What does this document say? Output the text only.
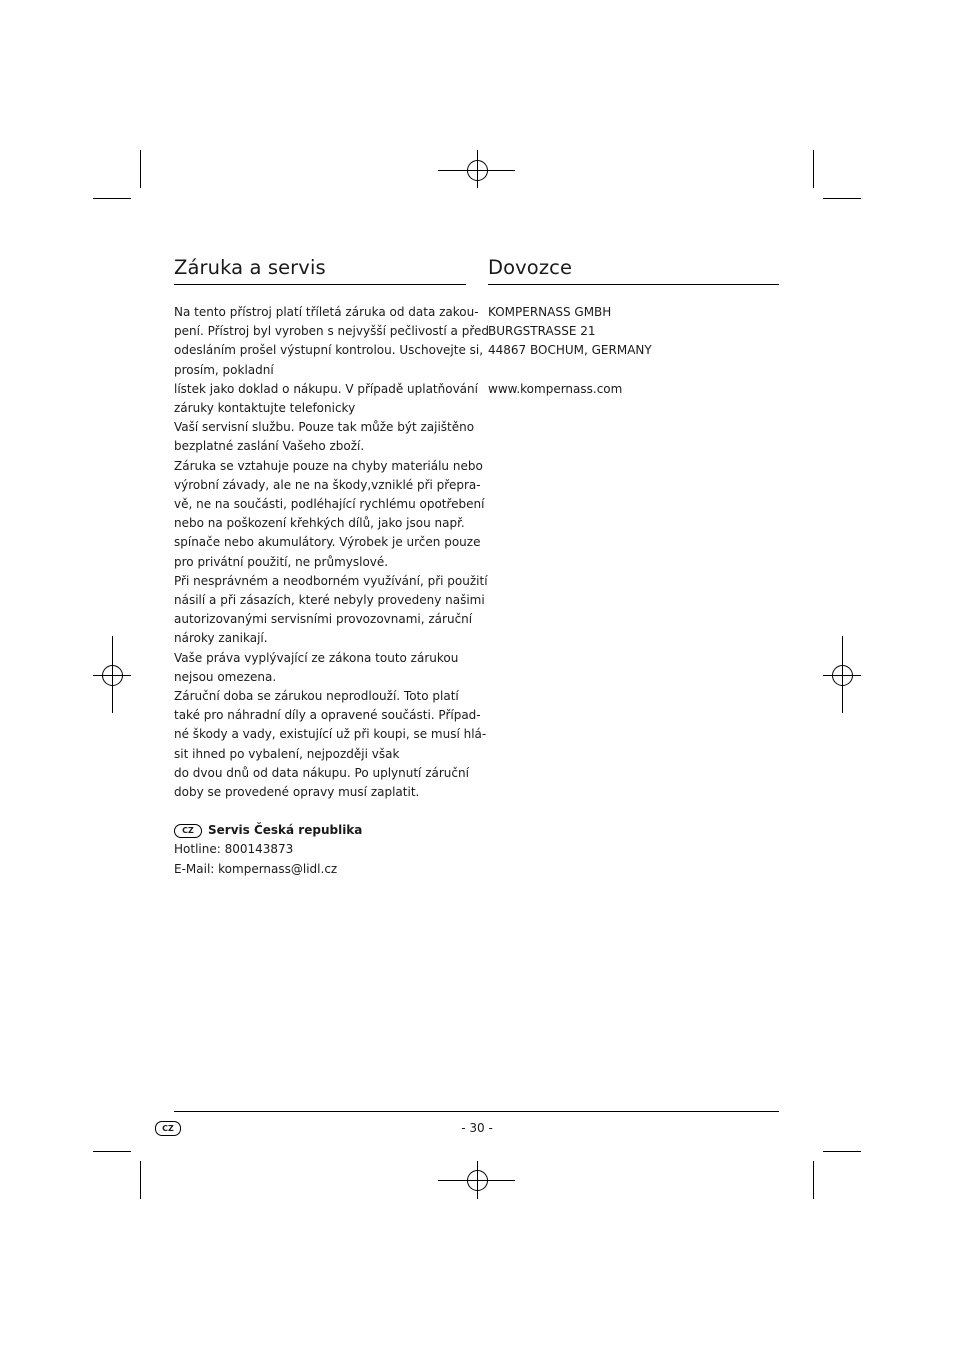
Záruka a servis
Na tento přístroj platí tříletá záruka od data zakou-
pení. Přístroj byl vyroben s nejvyšší pečlivostí a před
odesláním prošel výstupní kontrolou. Uschovejte si,
prosím, pokladní
lístek jako doklad o nákupu. V případě uplatňování
záruky kontaktujte telefonicky
Vaší servisní službu. Pouze tak může být zajištěno
bezplatné zaslání Vašeho zboží.
Záruka se vztahuje pouze na chyby materiálu nebo
výrobní závady, ale ne na škody,vzniklé při přepra-
vě, ne na součásti, podléhající rychlému opotřebení
nebo na poškození křehkých dílů, jako jsou např.
spínače nebo akumulátory. Výrobek je určen pouze
pro privátní použití, ne průmyslové.
Při nesprávném a neodborném využívání, při použití
násilí a při zásazích, které nebyly provedeny našimi
autorizovanými servisními provozovnami, záruční
nároky zanikají.
Vaše práva vyplývající ze zákona touto zárukou
nejsou omezena.
Záruční doba se zárukou neprodlouží. Toto platí
také pro náhradní díly a opravené součásti. Případ-
né škody a vady, existující už při koupi, se musí hlá-
sit ihned po vybalení, nejpozději však
do dvou dnů od data nákupu. Po uplynutí záruční
doby se provedené opravy musí zaplatit.
CZ Servis Česká republika
Hotline: 800143873
E-Mail: kompernass@lidl.cz
Dovozce
KOMPERNASS GMBH
BURGSTRASSE 21
44867 BOCHUM, GERMANY
www.kompernass.com
CZ	- 30 -
